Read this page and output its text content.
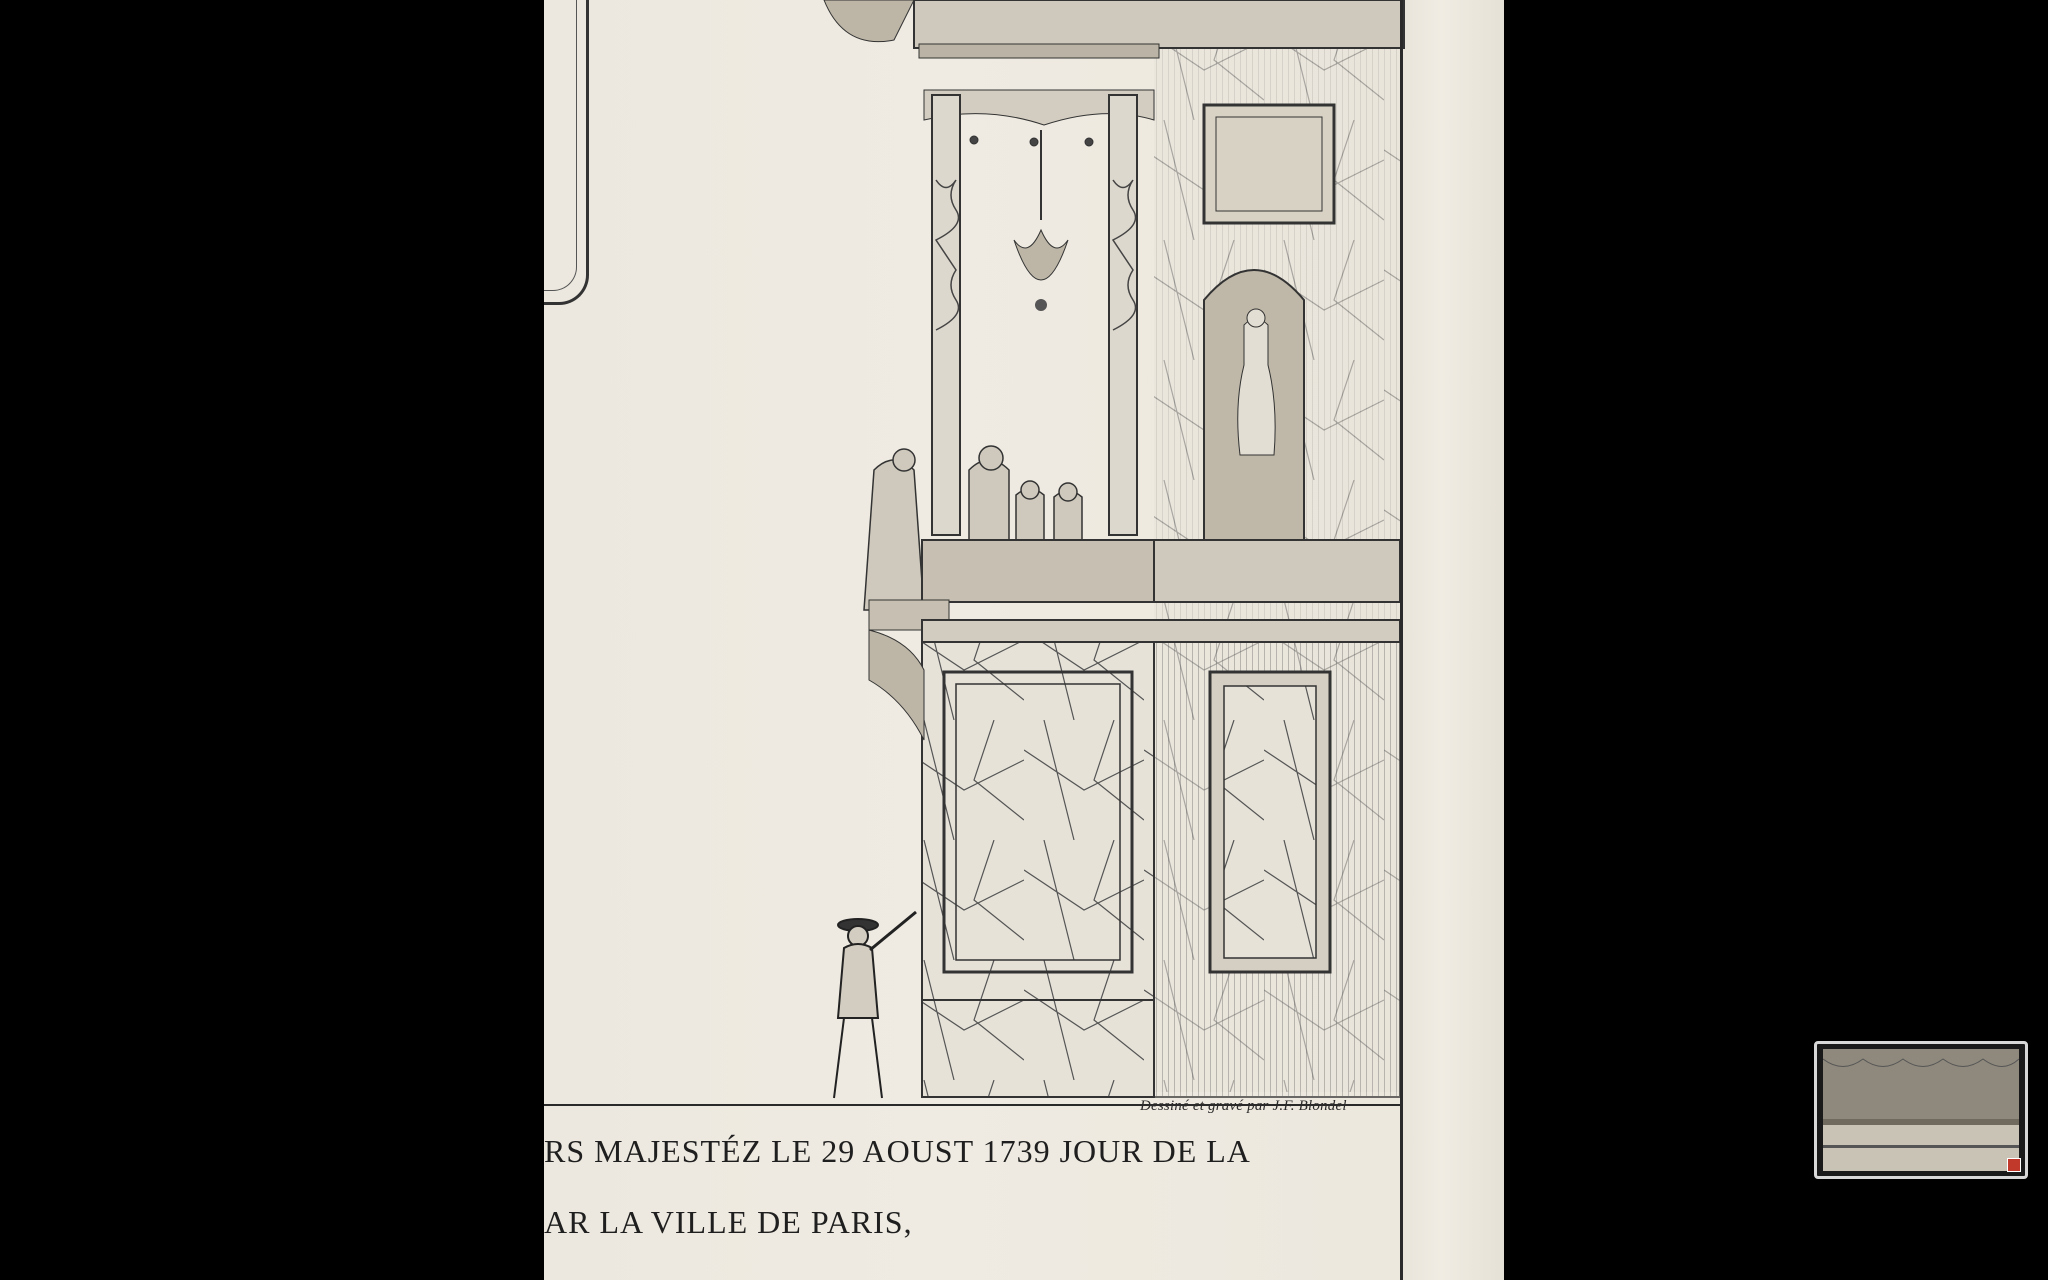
Dessiné et gravé par J.F. Blondel
RS MAJESTÉZ LE 29 AOUST 1739 JOUR DE LA
AR LA VILLE DE PARIS,
